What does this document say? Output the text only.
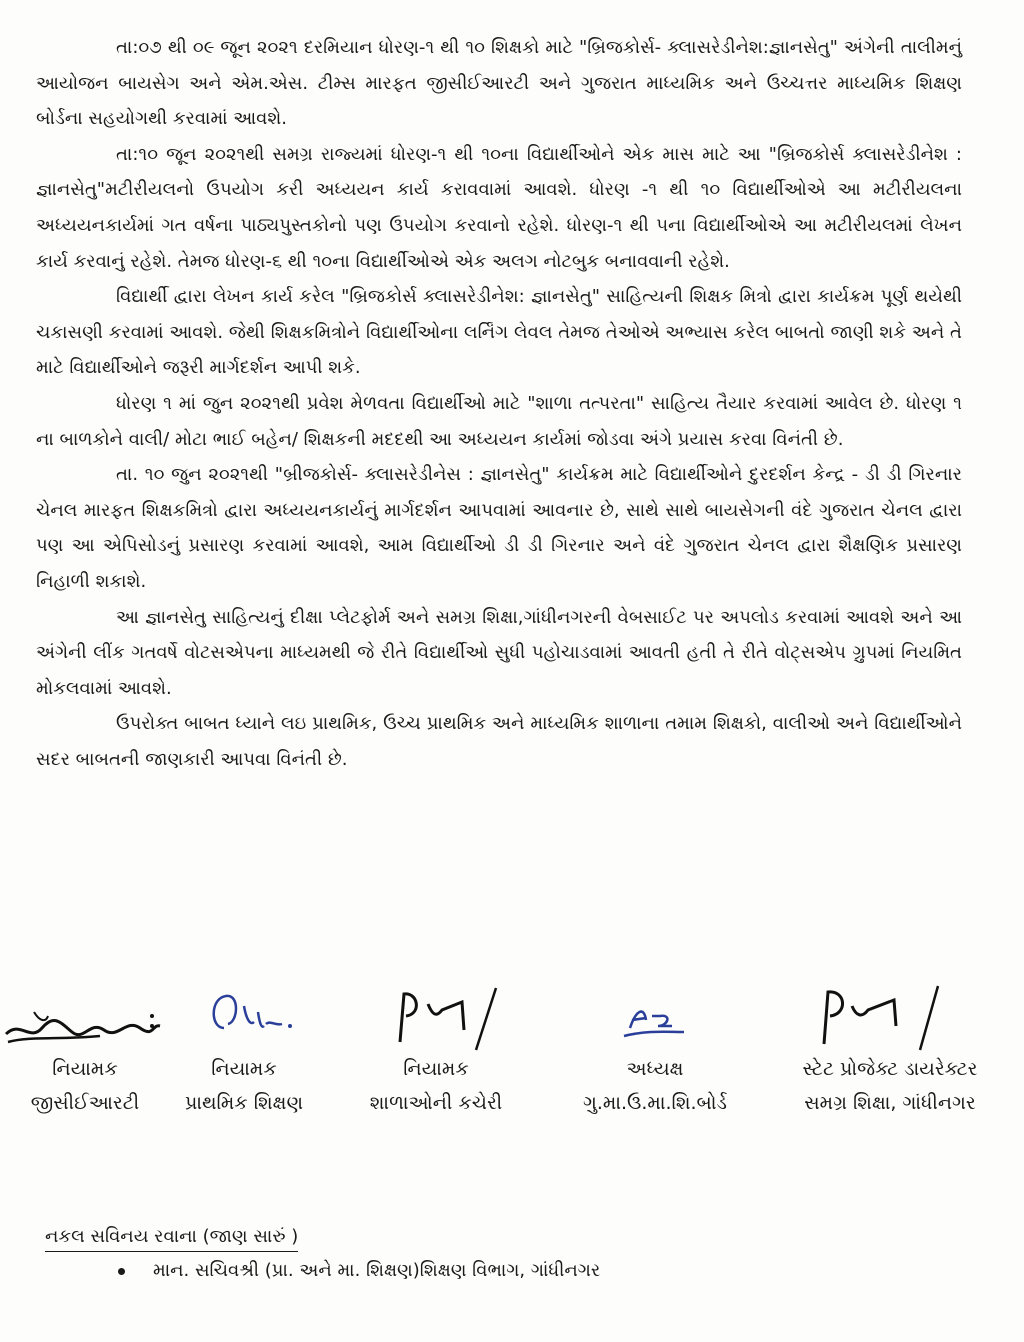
તા:૦૭ થી ૦૯ જૂન ૨૦૨૧ દરમિયાન ધોરણ-૧ થી ૧૦ શિક્ષકો માટે "બ્રિજકોર્સ- ક્લાસરેડીનેશ:જ્ઞાનસેતુ" અંગેની તાલીમનું આયોજન બાયસેગ અને એમ.એસ. ટીમ્સ મારફત જીસીઈઆરટી અને ગુજરાત માધ્યમિક અને ઉચ્ચત્તર માધ્યમિક શિક્ષણ બોર્ડના સહયોગથી કરવામાં આવશે.

તા:૧૦ જૂન ૨૦૨૧થી સમગ્ર રાજ્યમાં ધોરણ-૧ થી ૧૦ના વિદ્યાર્થીઓને એક માસ માટે આ "બ્રિજકોર્સ ક્લાસરેડીનેશ : જ્ઞાનસેતુ"મટીરીયલનો ઉપયોગ કરી અધ્યયન કાર્ય કરાવવામાં આવશે. ધોરણ -૧ થી ૧૦ વિદ્યાર્થીઓએ આ મટીરીયલના અધ્યયનકાર્યમાં ગત વર્ષના પાઠ્યપુસ્તકોનો પણ ઉપયોગ કરવાનો રહેશે. ધોરણ-૧ થી ૫ના વિદ્યાર્થીઓએ આ મટીરીયલમાં લેખન કાર્ય કરવાનું રહેશે. તેમજ ધોરણ-૬ થી ૧૦ના વિદ્યાર્થીઓએ એક અલગ નોટબુક બનાવવાની રહેશે.

વિદ્યાર્થી દ્વારા લેખન કાર્ય કરેલ "બ્રિજકોર્સ ક્લાસરેડીનેશ: જ્ઞાનસેતુ" સાહિત્યની શિક્ષક મિત્રો દ્વારા કાર્યક્રમ પૂર્ણ થયેથી ચકાસણી કરવામાં આવશે. જેથી શિક્ષકમિત્રોને વિદ્યાર્થીઓના લર્નિંગ લેવલ તેમજ તેઓએ અભ્યાસ કરેલ બાબતો જાણી શકે અને તે માટે વિદ્યાર્થીઓને જરૂરી માર્ગદર્શન આપી શકે.

ધોરણ ૧ માં જુન ૨૦૨૧થી પ્રવેશ મેળવતા વિદ્યાર્થીઓ માટે "શાળા તત્પરતા" સાહિત્ય તૈયાર કરવામાં આવેલ છે. ધોરણ ૧ ના બાળકોને વાલી/ મોટા ભાઈ બહેન/ શિક્ષકની મદદથી આ અધ્યયન કાર્યમાં જોડવા અંગે પ્રયાસ કરવા વિનંતી છે.

તા. ૧૦ જુન ૨૦૨૧થી "બ્રીજકોર્સ- ક્લાસરેડીનેસ : જ્ઞાનસેતુ" કાર્યક્રમ માટે વિદ્યાર્થીઓને દુરદર્શન કેન્દ્ર - ડી ડી ગિરનાર ચેનલ મારફત શિક્ષકમિત્રો દ્વારા અધ્યયનકાર્યનું માર્ગદર્શન આપવામાં આવનાર છે, સાથે સાથે બાયસેગની વંદે ગુજરાત ચેનલ દ્વારા પણ આ એપિસોડનું પ્રસારણ કરવામાં આવશે, આમ વિદ્યાર્થીઓ ડી ડી ગિરનાર અને વંદે ગુજરાત ચેનલ દ્વારા શૈક્ષણિક પ્રસારણ નિહાળી શકાશે.

આ જ્ઞાનસેતુ સાહિત્યનું દીક્ષા પ્લેટફોર્મ અને સમગ્ર શિક્ષા,ગાંધીનગરની વેબસાઈટ પર અપલોડ કરવામાં આવશે અને આ અંગેની લીંક ગતવર્ષે વોટસએપના માધ્યમથી જે રીતે વિદ્યાર્થીઓ સુધી પહોચાડવામાં આવતી હતી તે રીતે વોટ્સએપ ગ્રુપમાં નિયમિત મોકલવામાં આવશે.

ઉપરોક્ત બાબત ધ્યાને લઇ પ્રાથમિક, ઉચ્ચ પ્રાથમિક અને માધ્યમિક શાળાના તમામ શિક્ષકો, વાલીઓ અને વિદ્યાર્થીઓને સદર બાબતની જાણકારી આપવા વિનંતી છે.

નિયામક
જીસીઈઆરટી
નિયામક
પ્રાથમિક શિક્ષણ
નિયામક
શાળાઓની કચેરી
અધ્યક્ષ
ગુ.મા.ઉ.મા.શિ.બોર્ડ
સ્ટેટ પ્રોજેક્ટ ડાયરેક્ટર
સમગ્ર શિક્ષા, ગાંધીનગર
નકલ સવિનય રવાના (જાણ સારું )
માન. સચિવશ્રી (પ્રા. અને મા. શિક્ષણ)શિક્ષણ વિભાગ, ગાંધીનગર
